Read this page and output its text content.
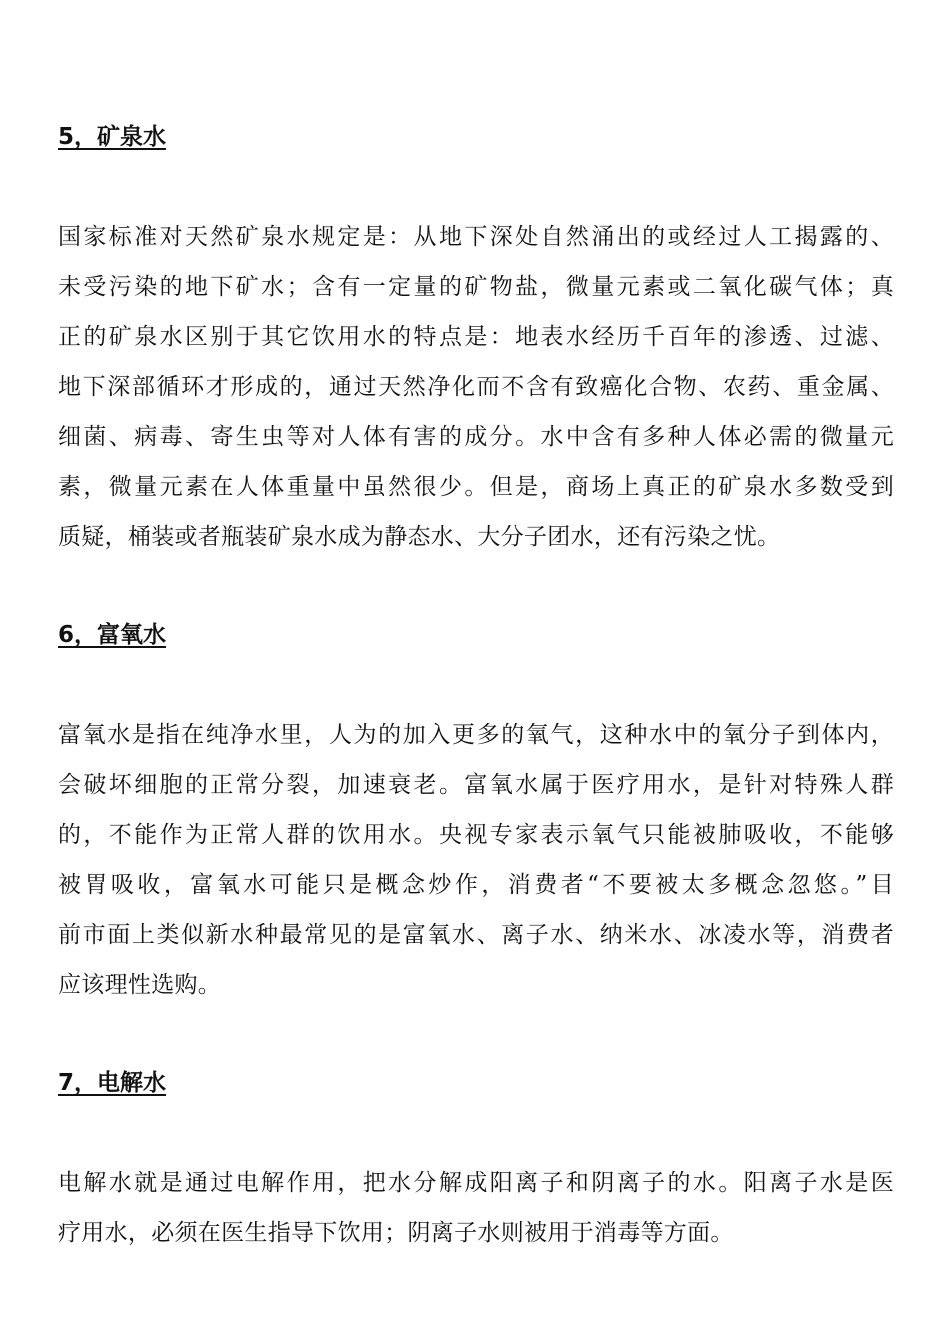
5，矿泉水
国家标准对天然矿泉水规定是：从地下深处自然涌出的或经过人工揭露的、
未受污染的地下矿水；含有一定量的矿物盐，微量元素或二氧化碳气体；真
正的矿泉水区别于其它饮用水的特点是：地表水经历千百年的渗透、过滤、
地下深部循环才形成的，通过天然净化而不含有致癌化合物、农药、重金属、
细菌、病毒、寄生虫等对人体有害的成分。水中含有多种人体必需的微量元
素，微量元素在人体重量中虽然很少。但是，商场上真正的矿泉水多数受到
质疑，桶装或者瓶装矿泉水成为静态水、大分子团水，还有污染之忧。
6，富氧水
富氧水是指在纯净水里，人为的加入更多的氧气，这种水中的氧分子到体内，
会破坏细胞的正常分裂，加速衰老。富氧水属于医疗用水，是针对特殊人群
的，不能作为正常人群的饮用水。央视专家表示氧气只能被肺吸收，不能够
被胃吸收，富氧水可能只是概念炒作，消费者“不要被太多概念忽悠。”目
前市面上类似新水种最常见的是富氧水、离子水、纳米水、冰凌水等，消费者
应该理性选购。
7，电解水
电解水就是通过电解作用，把水分解成阳离子和阴离子的水。阳离子水是医
疗用水，必须在医生指导下饮用；阴离子水则被用于消毒等方面。
